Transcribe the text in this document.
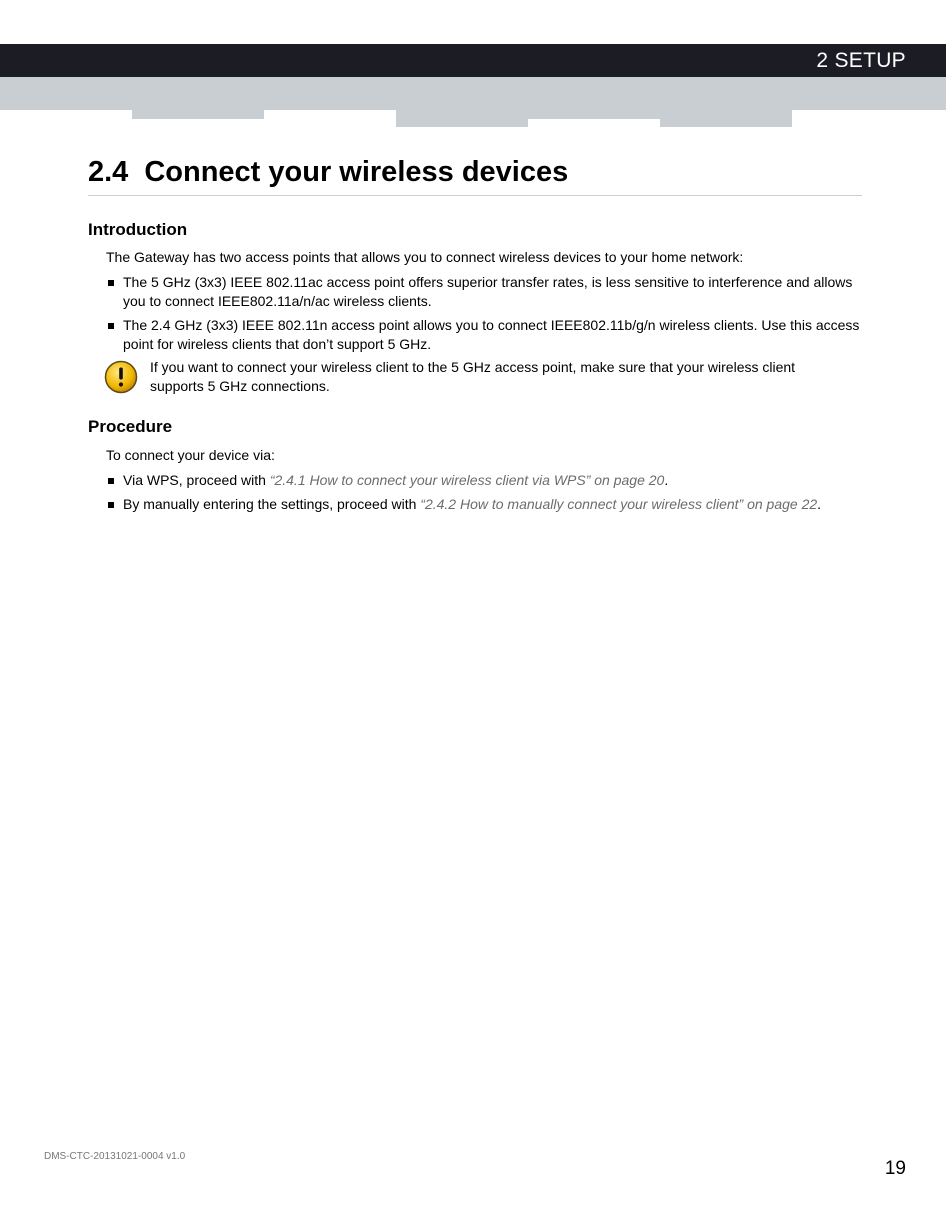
2 SETUP
2.4 Connect your wireless devices
Introduction

The Gateway has two access points that allows you to connect wireless devices to your home network:

The 5 GHz (3x3) IEEE 802.11ac access point offers superior transfer rates, is less sensitive to interference and allows you to connect IEEE802.11a/n/ac wireless clients.
The 2.4 GHz (3x3) IEEE 802.11n access point allows you to connect IEEE802.11b/g/n wireless clients. Use this access point for wireless clients that don’t support 5 GHz.

If you want to connect your wireless client to the 5 GHz access point, make sure that your wireless client supports 5 GHz connections.

Procedure

To connect your device via:

Via WPS, proceed with “2.4.1 How to connect your wireless client via WPS” on page 20.
By manually entering the settings, proceed with “2.4.2 How to manually connect your wireless client” on page 22.
DMS-CTC-20131021-0004 v1.0
19
